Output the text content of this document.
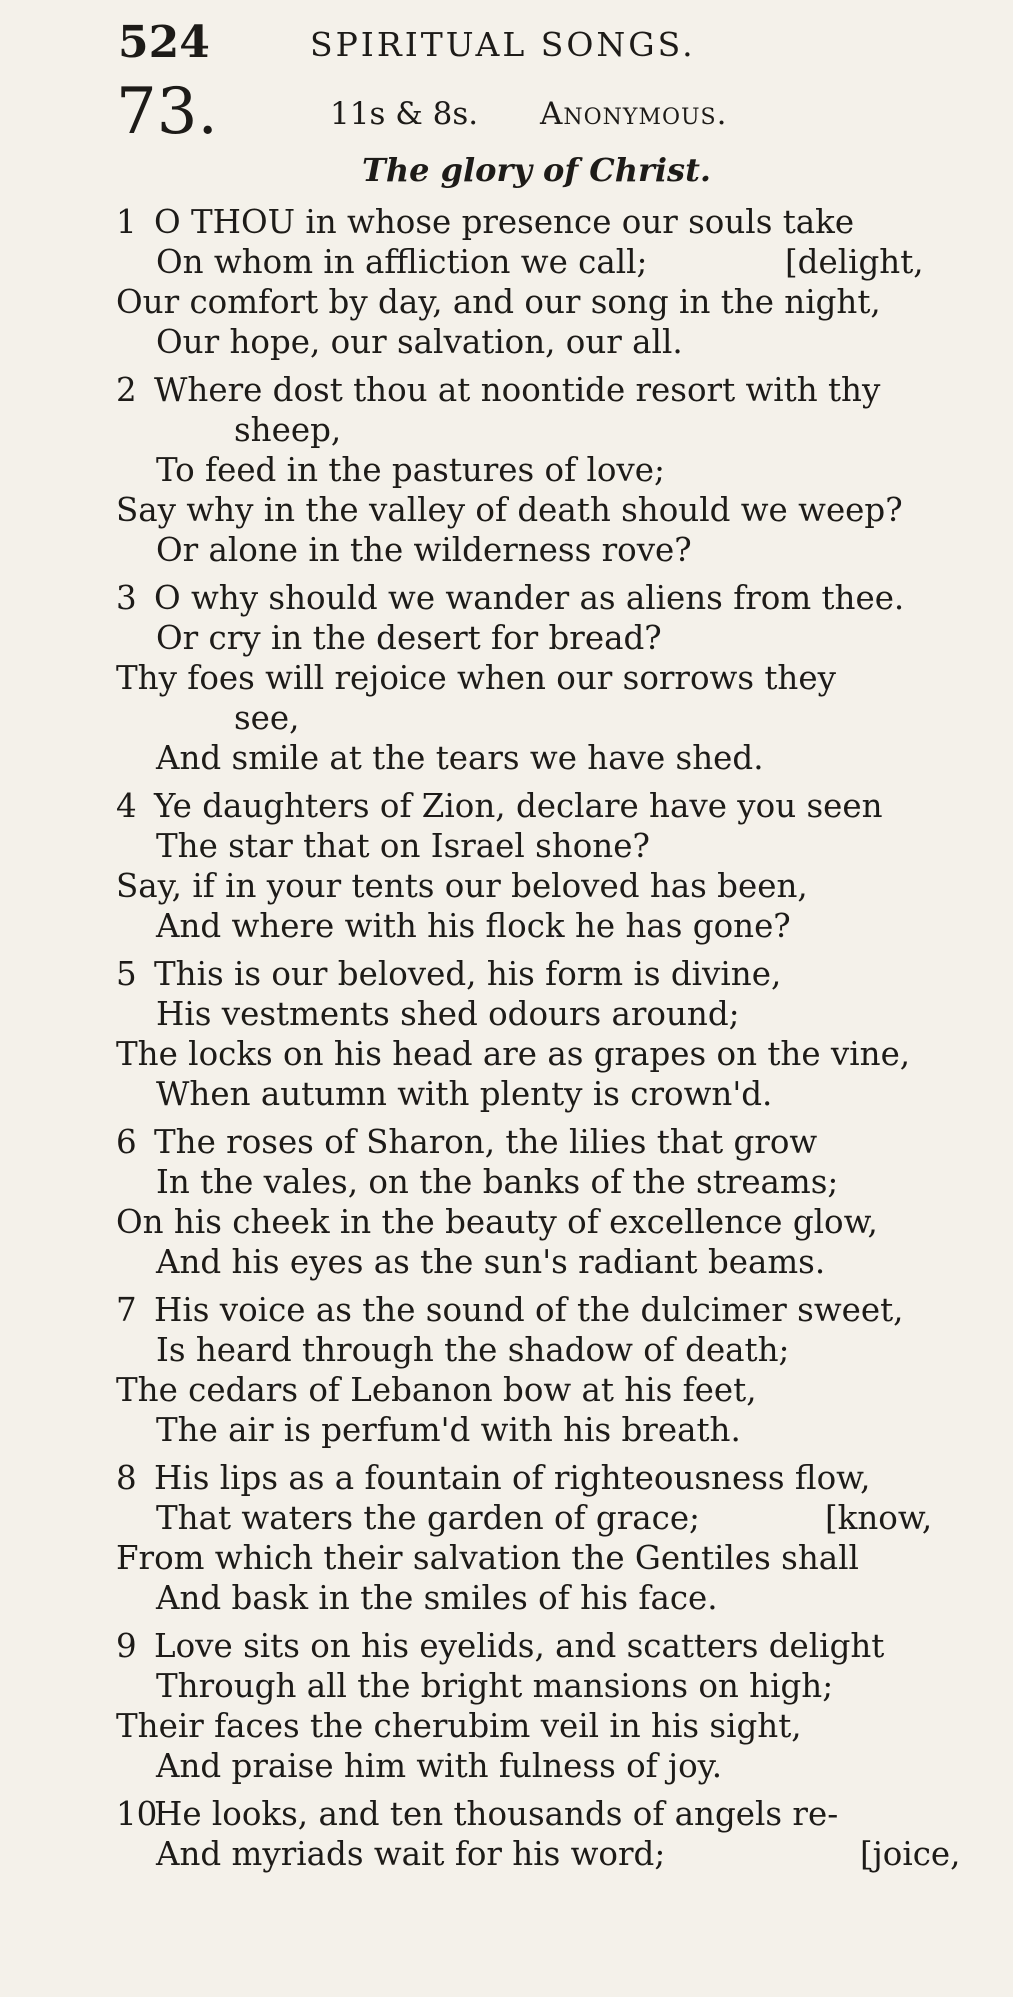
524	SPIRITUAL SONGS.
73.	11s & 8s. Anonymous.
The glory of Christ.
1 O THOU in whose presence our souls take
On whom in affliction we call;	[delight,
Our comfort by day, and our song in the night,
Our hope, our salvation, our all.
2 Where dost thou at noontide resort with thy
sheep,
To feed in the pastures of love;
Say why in the valley of death should we weep?
Or alone in the wilderness rove?
3 O why should we wander as aliens from thee.
Or cry in the desert for bread?
Thy foes will rejoice when our sorrows they
see,
And smile at the tears we have shed.
4 Ye daughters of Zion, declare have you seen
The star that on Israel shone?
Say, if in your tents our beloved has been,
And where with his flock he has gone?
5 This is our beloved, his form is divine,
His vestments shed odours around;
The locks on his head are as grapes on the vine,
When autumn with plenty is crown'd.
6 The roses of Sharon, the lilies that grow
In the vales, on the banks of the streams;
On his cheek in the beauty of excellence glow,
And his eyes as the sun's radiant beams.
7 His voice as the sound of the dulcimer sweet,
Is heard through the shadow of death;
The cedars of Lebanon bow at his feet,
The air is perfum'd with his breath.
8 His lips as a fountain of righteousness flow,
That waters the garden of grace;	[know,
From which their salvation the Gentiles shall
And bask in the smiles of his face.
9 Love sits on his eyelids, and scatters delight
Through all the bright mansions on high;
Their faces the cherubim veil in his sight,
And praise him with fulness of joy.
10He looks, and ten thousands of angels re-
And myriads wait for his word;	[joice,
